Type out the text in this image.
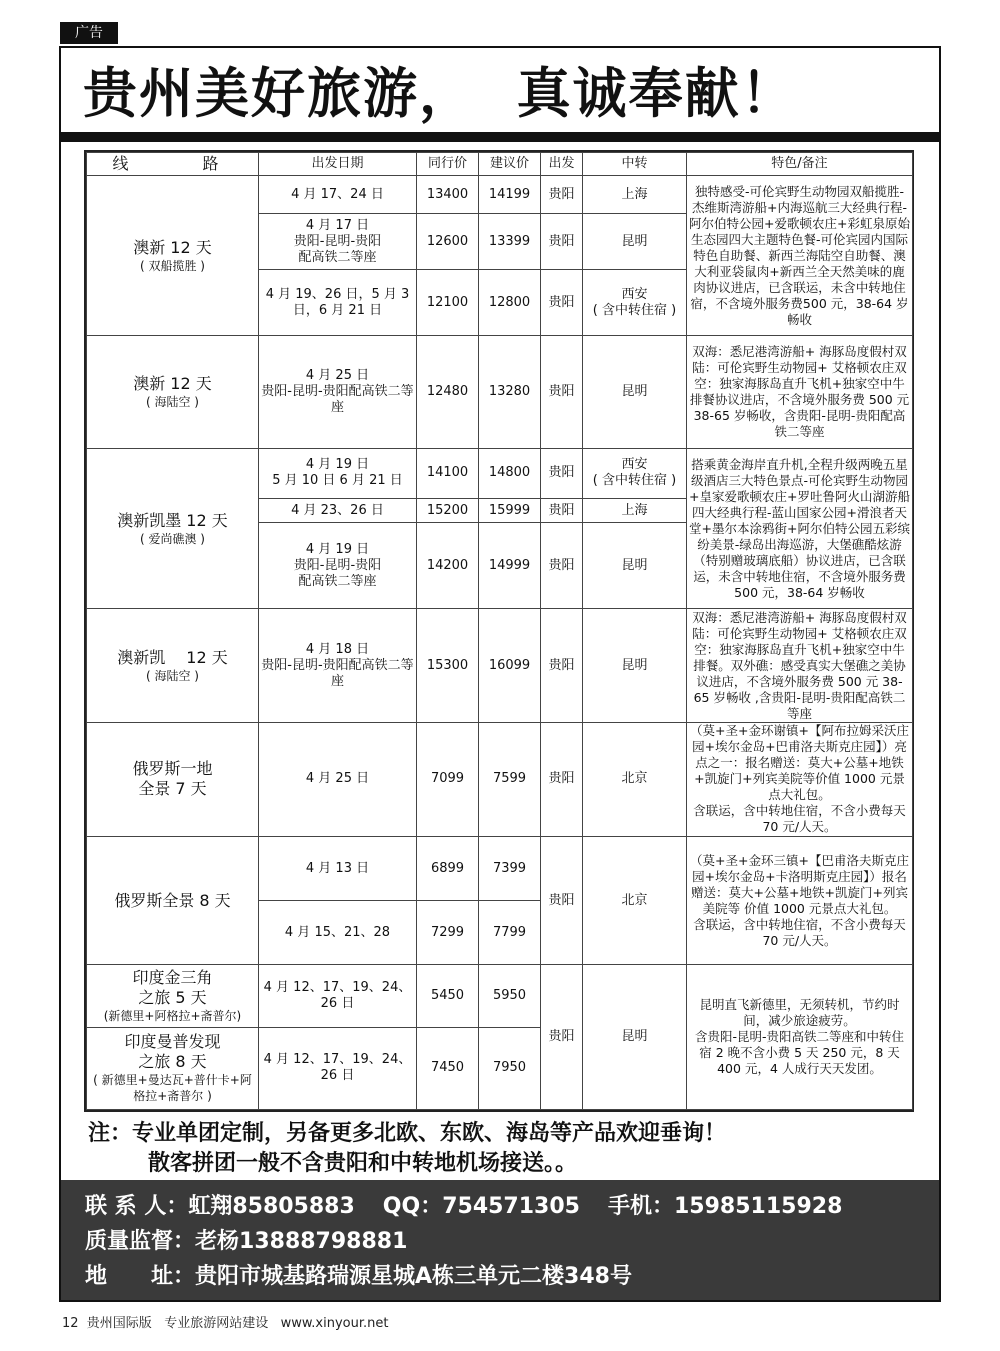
广告
贵州美好旅游，  真诚奉献！
线　　路	出发日期	同行价	建议价	出发	中转	特色/备注

澳新 12 天
( 双船揽胜 )	4 月 17、24 日	13400	14199	贵阳	上海	独特感受-可伦宾野生动物园双船揽胜-杰维斯湾游船+内海巡航三大经典行程-阿尔伯特公园+爱歌顿农庄+彩虹泉原始生态园四大主题特色餐-可伦宾园内国际特色自助餐、新西兰海陆空自助餐、澳大利亚袋鼠肉+新西兰全天然美味的鹿肉协议进店，已含联运，未含中转地住宿，不含境外服务费500 元，38-64 岁畅收
	4 月 17 日
贵阳-昆明-贵阳
配高铁二等座	12600	13399	贵阳	昆明	
	4 月 19、26 日，5 月 3 日，6 月 21 日	12100	12800	贵阳	西安
( 含中转住宿 )	

澳新 12 天
( 海陆空 )	4 月 25 日
贵阳-昆明-贵阳配高铁二等座	12480	13280	贵阳	昆明	双海：悉尼港湾游船+ 海豚岛度假村双陆：可伦宾野生动物园+ 艾格顿农庄双空：独家海豚岛直升飞机+独家空中牛排餐协议进店，不含境外服务费 500 元 38-65 岁畅收，含贵阳-昆明-贵阳配高铁二等座

澳新凯墨 12 天
( 爱尚礁澳 )	4 月 19 日
5 月 10 日 6 月 21 日	14100	14800	贵阳	西安
( 含中转住宿 )	搭乘黄金海岸直升机,全程升级两晚五星级酒店三大特色景点-可伦宾野生动物园+皇家爱歌顿农庄+罗吐鲁阿火山湖游船四大经典行程-蓝山国家公园+滑浪者天堂+墨尔本涂鸦街+阿尔伯特公园五彩缤纷美景-绿岛出海巡游，大堡礁酷炫游（特别赠玻璃底船）协议进店，已含联运，未含中转地住宿，不含境外服务费 500 元，38-64 岁畅收
	4 月 23、26 日	15200	15999	贵阳	上海	
	4 月 19 日
贵阳-昆明-贵阳
配高铁二等座	14200	14999	贵阳	昆明	

澳新凯　 12 天
( 海陆空 )	4 月 18 日
贵阳-昆明-贵阳配高铁二等座	15300	16099	贵阳	昆明	双海：悉尼港湾游船+ 海豚岛度假村双陆：可伦宾野生动物园+ 艾格顿农庄双空：独家海豚岛直升飞机+独家空中牛排餐。双外礁：感受真实大堡礁之美协议进店，不含境外服务费 500 元 38-65 岁畅收 ,含贵阳-昆明-贵阳配高铁二等座

俄罗斯一地
全景 7 天	4 月 25 日	7099	7599	贵阳	北京	（莫+圣+金环谢镇+【阿布拉姆采沃庄园+埃尔金岛+巴甫洛夫斯克庄园】）亮点之一：报名赠送：莫大+公墓+地铁+凯旋门+列宾美院等价值 1000 元景点大礼包。
含联运，含中转地住宿，不含小费每天 70 元/人天。

俄罗斯全景 8 天	4 月 13 日	6899	7399	贵阳	北京	（莫+圣+金环三镇+【巴甫洛夫斯克庄园+埃尔金岛+卡洛明斯克庄园】）报名赠送：莫大+公墓+地铁+凯旋门+列宾美院等 价值 1000 元景点大礼包。
含联运，含中转地住宿，不含小费每天 70 元/人天。
	4 月 15、21、28	7299	7799			

印度金三角
之旅 5 天
(新德里+阿格拉+斋普尔)	4 月 12、17、19、24、26 日	5450	5950	贵阳	昆明	昆明直飞新德里，无须转机，节约时间，减少旅途疲劳。
含贵阳-昆明-贵阳高铁二等座和中转住宿 2 晚不含小费 5 天 250 元，8 天 400 元，4 人成行天天发团。

印度曼普发现
之旅 8 天
( 新德里+曼达瓦+普什卡+阿格拉+斋普尔 )	4 月 12、17、19、24、26 日	7450	7950			
注：专业单团定制，另备更多北欧、东欧、海岛等产品欢迎垂询！
散客拼团一般不含贵阳和中转地机场接送。。
联 系 人：虹翔85805883 QQ：754571305 手机：15985115928
质量监督：老杨13888798881
地　　址：贵阳市城基路瑞源星城A栋三单元二楼348号
12  贵州国际版   专业旅游网站建设   www.xinyour.net
